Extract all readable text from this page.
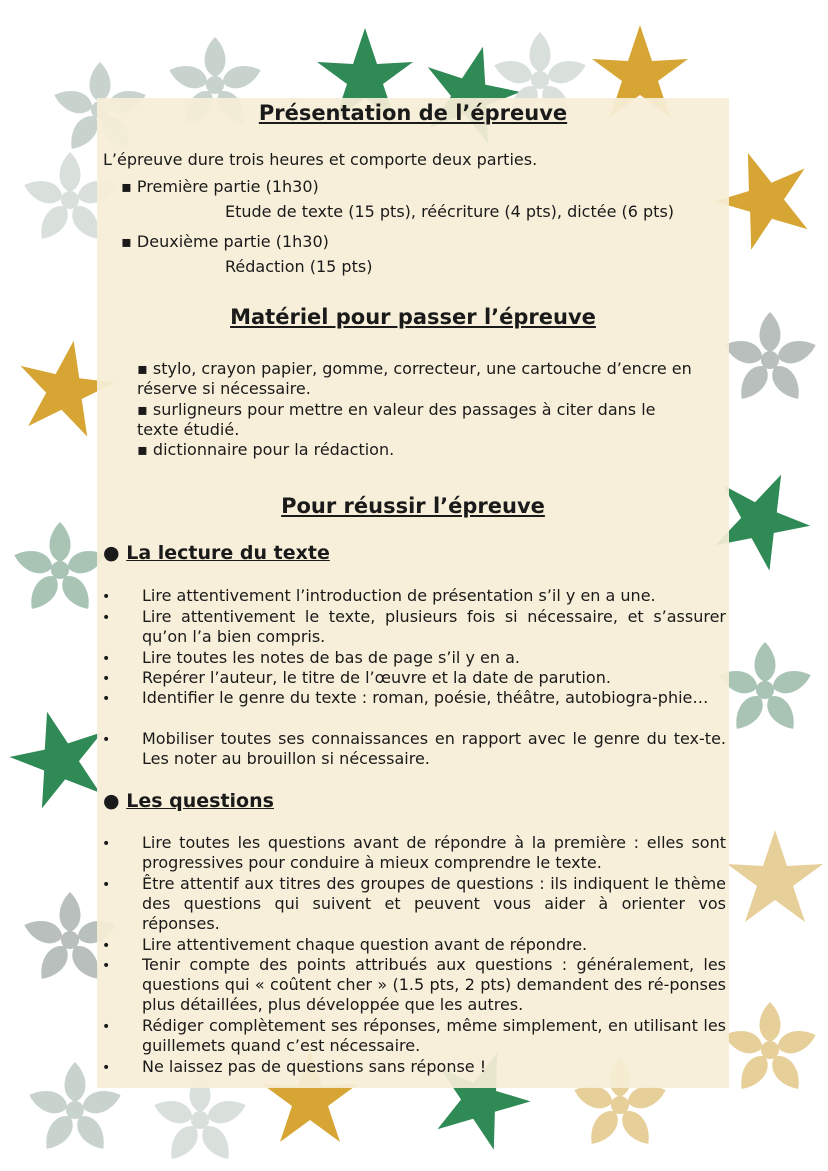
Présentation de l’épreuve
L’épreuve dure trois heures et comporte deux parties.
▪ Première partie (1h30)
Etude de texte (15 pts), réécriture (4 pts), dictée (6 pts)
▪ Deuxième partie (1h30)
Rédaction (15 pts)
Matériel pour passer l’épreuve
▪ stylo, crayon papier, gomme, correcteur, une cartouche d’encre en réserve si nécessaire.
▪ surligneurs pour mettre en valeur des passages à citer dans le texte étudié.
▪ dictionnaire pour la rédaction.
Pour réussir l’épreuve
● La lecture du texte
• Lire attentivement l’introduction de présentation s’il y en a une.
• Lire attentivement le texte, plusieurs fois si nécessaire, et s’assurer qu’on l’a bien compris.
• Lire toutes les notes de bas de page s’il y en a.
• Repérer l’auteur, le titre de l’œuvre et la date de parution.
• Identifier le genre du texte : roman, poésie, théâtre, autobiogra-phie…
• Mobiliser toutes ses connaissances en rapport avec le genre du tex-te. Les noter au brouillon si nécessaire.
● Les questions
• Lire toutes les questions avant de répondre à la première : elles sont progressives pour conduire à mieux comprendre le texte.
• Être attentif aux titres des groupes de questions : ils indiquent le thème des questions qui suivent et peuvent vous aider à orienter vos réponses.
• Lire attentivement chaque question avant de répondre.
• Tenir compte des points attribués aux questions : généralement, les questions qui « coûtent cher » (1.5 pts, 2 pts) demandent des ré-ponses plus détaillées, plus développée que les autres.
• Rédiger complètement ses réponses, même simplement, en utilisant les guillemets quand c’est nécessaire.
• Ne laissez pas de questions sans réponse !
